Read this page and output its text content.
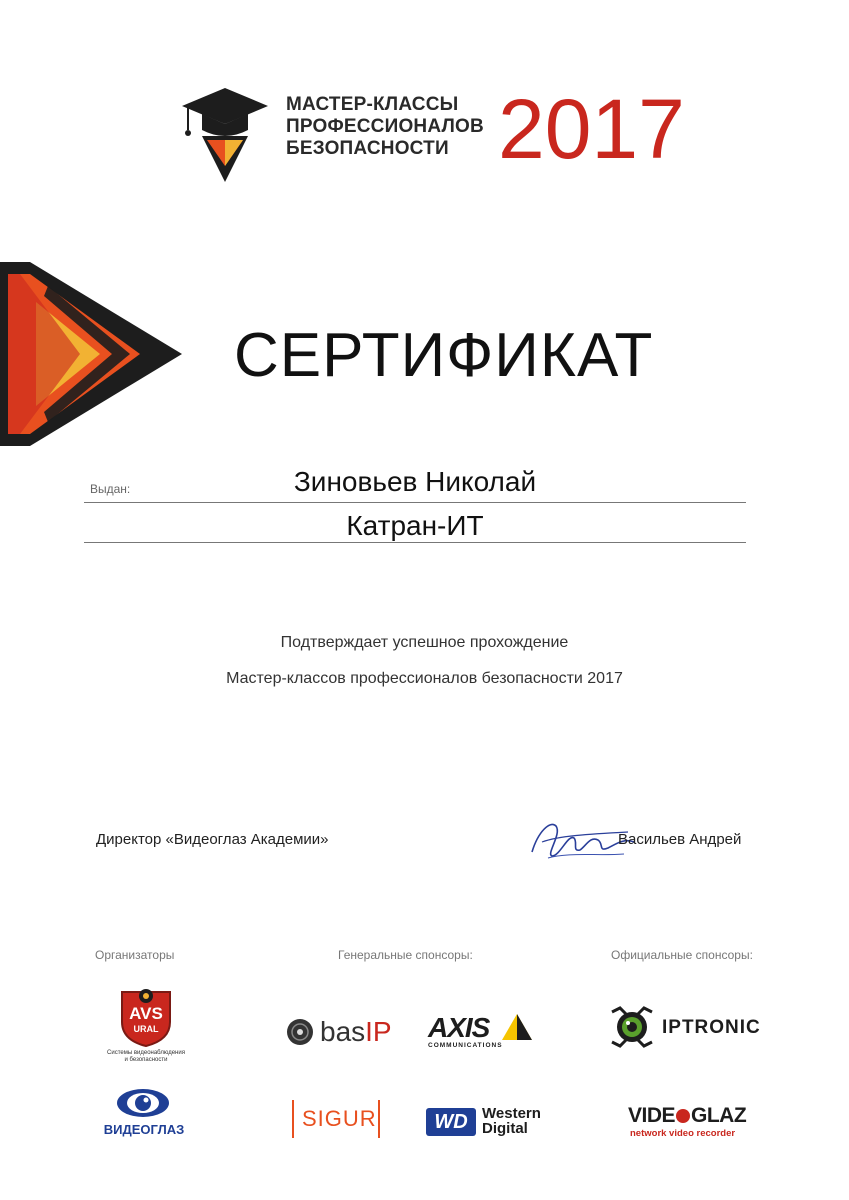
МАСТЕР-КЛАССЫ
ПРОФЕССИОНАЛОВ
БЕЗОПАСНОСТИ 2017
СЕРТИФИКАТ
Выдан:	Зиновьев Николай
Катран-ИТ
Подтверждает успешное прохождение
Мастер-классов профессионалов безопасности 2017
Директор «Видеоглаз Академии»	Васильев Андрей
Организаторы	Генеральные спонсоры:	Официальные спонсоры:
AVS
URAL
Системы видеонаблюдения
и безопасности
ВИДЕОГЛАЗ
basIP AXIS
COMMUNICATIONS
SIGUR	WD Western
Digital
IPTRONIC
VIDE GLAZ
network video recorder
